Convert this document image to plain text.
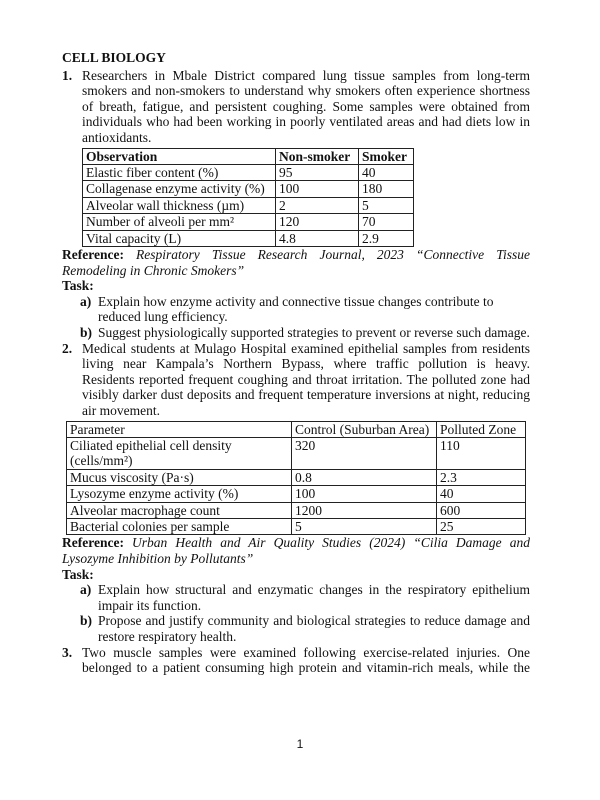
CELL BIOLOGY
1. Researchers in Mbale District compared lung tissue samples from long-term smokers and non-smokers to understand why smokers often experience shortness of breath, fatigue, and persistent coughing. Some samples were obtained from individuals who had been working in poorly ventilated areas and had diets low in antioxidants.
Observation	Non-smoker	Smoker
Elastic fiber content (%)	95	40
Collagenase enzyme activity (%)	100	180
Alveolar wall thickness (µm)	2	5
Number of alveoli per mm²	120	70
Vital capacity (L)	4.8	2.9

Reference: Respiratory Tissue Research Journal, 2023 “Connective Tissue Remodeling in Chronic Smokers”

Task:

a) Explain how enzyme activity and connective tissue changes contribute to reduced lung efficiency.
b) Suggest physiologically supported strategies to prevent or reverse such damage.
2. Medical students at Mulago Hospital examined epithelial samples from residents living near Kampala’s Northern Bypass, where traffic pollution is heavy. Residents reported frequent coughing and throat irritation. The polluted zone had visibly darker dust deposits and frequent temperature inversions at night, reducing air movement.
Parameter	Control (Suburban Area)	Polluted Zone
Ciliated epithelial cell density (cells/mm²)	320	110
Mucus viscosity (Pa·s)	0.8	2.3
Lysozyme enzyme activity (%)	100	40
Alveolar macrophage count	1200	600
Bacterial colonies per sample	5	25

Reference: Urban Health and Air Quality Studies (2024) “Cilia Damage and Lysozyme Inhibition by Pollutants”

Task:

a) Explain how structural and enzymatic changes in the respiratory epithelium impair its function.
b) Propose and justify community and biological strategies to reduce damage and restore respiratory health.
3. Two muscle samples were examined following exercise-related injuries. One belonged to a patient consuming high protein and vitamin-rich meals, while the
1
